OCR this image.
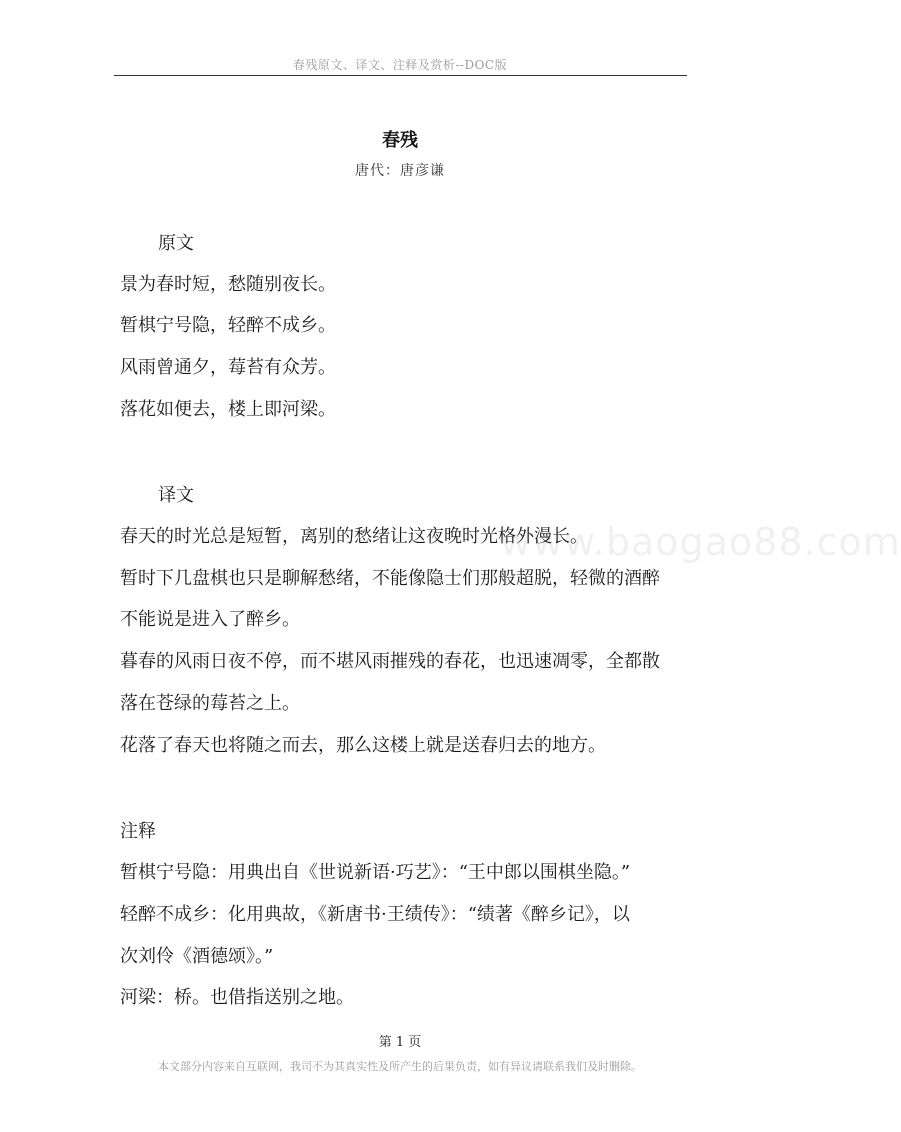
春残原文、译文、注释及赏析--DOC版
春残
唐代：唐彦谦
原文
景为春时短，愁随别夜长。
暂棋宁号隐，轻醉不成乡。
风雨曾通夕，莓苔有众芳。
落花如便去，楼上即河梁。
www.baogao88.com
译文
春天的时光总是短暂，离别的愁绪让这夜晚时光格外漫长。
暂时下几盘棋也只是聊解愁绪，不能像隐士们那般超脱，轻微的酒醉
不能说是进入了醉乡。
暮春的风雨日夜不停，而不堪风雨摧残的春花，也迅速凋零，全都散
落在苍绿的莓苔之上。
花落了春天也将随之而去，那么这楼上就是送春归去的地方。
注释
暂棋宁号隐：用典出自《世说新语·巧艺》：“王中郎以围棋坐隐。”
轻醉不成乡：化用典故，《新唐书·王绩传》：“绩著《醉乡记》，以
次刘伶《酒德颂》。”
河梁：桥。也借指送别之地。
第 1 页
本文部分内容来自互联网，我司不为其真实性及所产生的后果负责，如有异议请联系我们及时删除。
